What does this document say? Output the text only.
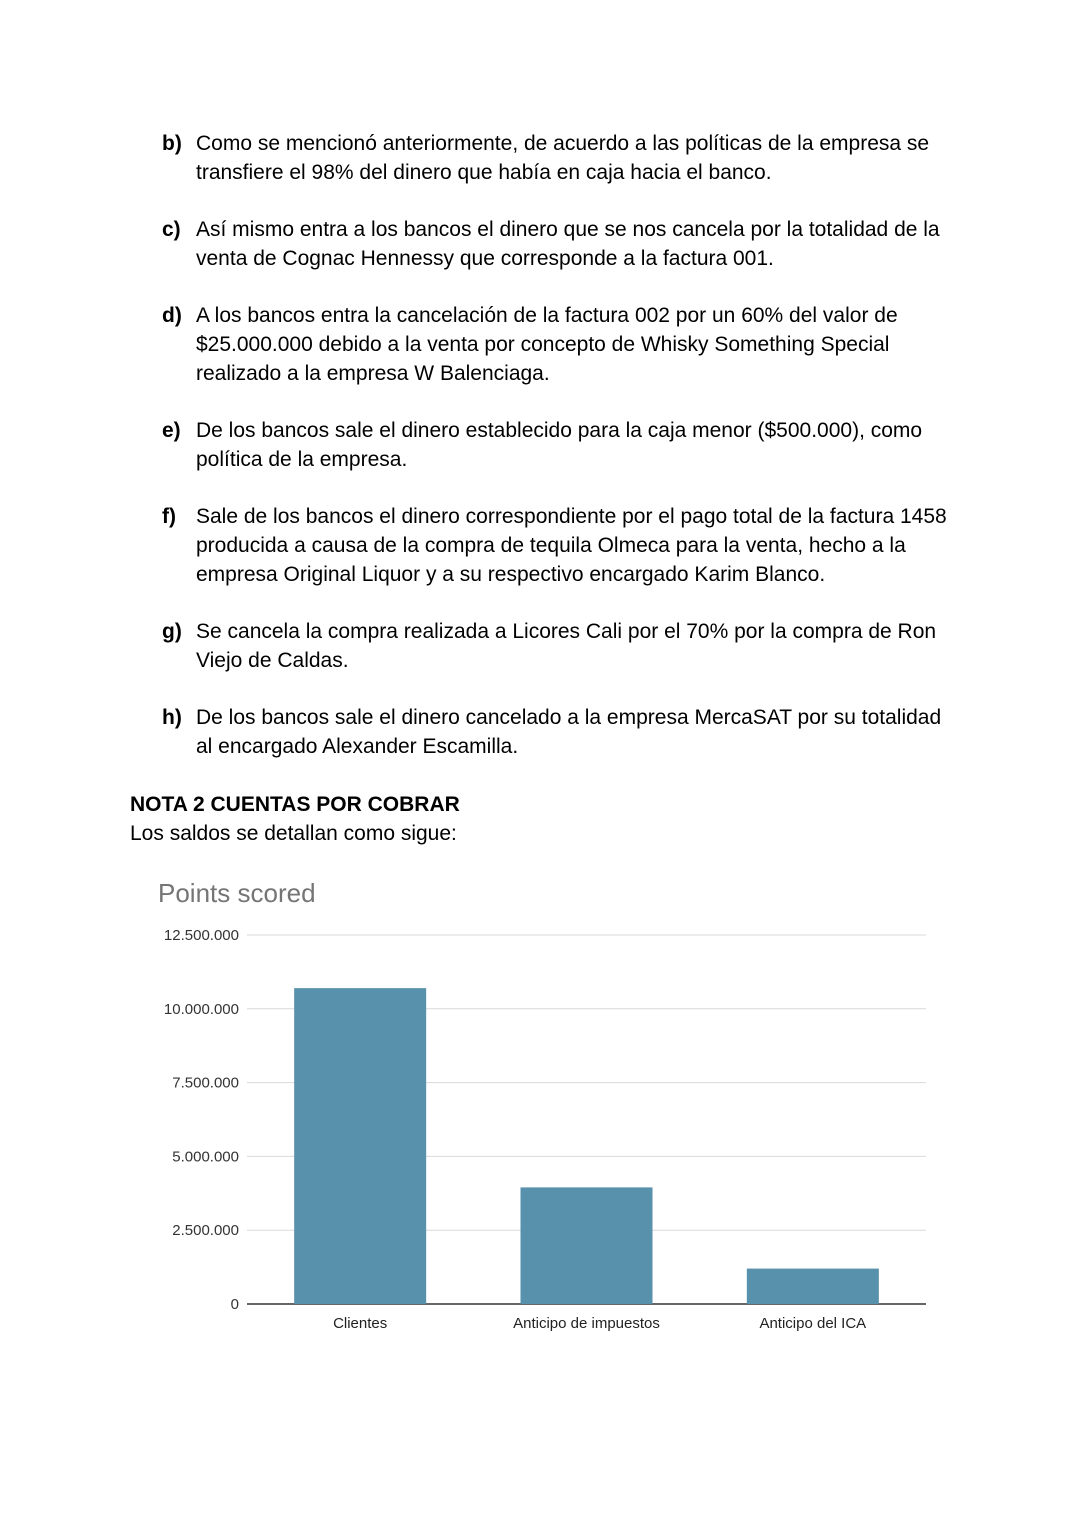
b) Como se mencionó anteriormente, de acuerdo a las políticas de la empresa se transfiere el 98% del dinero que había en caja hacia el banco.
c) Así mismo entra a los bancos el dinero que se nos cancela por la totalidad de la venta de Cognac Hennessy que corresponde a la factura 001.
d) A los bancos entra la cancelación de la factura 002 por un 60% del valor de $25.000.000 debido a la venta por concepto de Whisky Something Special realizado a la empresa W Balenciaga.
e) De los bancos sale el dinero establecido para la caja menor ($500.000), como política de la empresa.
f) Sale de los bancos el dinero correspondiente por el pago total de la factura 1458 producida a causa de la compra de tequila Olmeca para la venta, hecho a la empresa Original Liquor y a su respectivo encargado Karim Blanco.
g) Se cancela la compra realizada a Licores Cali por el 70% por la compra de Ron Viejo de Caldas.
h) De los bancos sale el dinero cancelado a la empresa MercaSAT por su totalidad al encargado Alexander Escamilla.
NOTA 2 CUENTAS POR COBRAR
Los saldos se detallan como sigue:
Points scored
0
2.500.000
5.000.000
7.500.000
10.000.000
12.500.000
Clientes	Anticipo de impuestos	Anticipo del ICA
